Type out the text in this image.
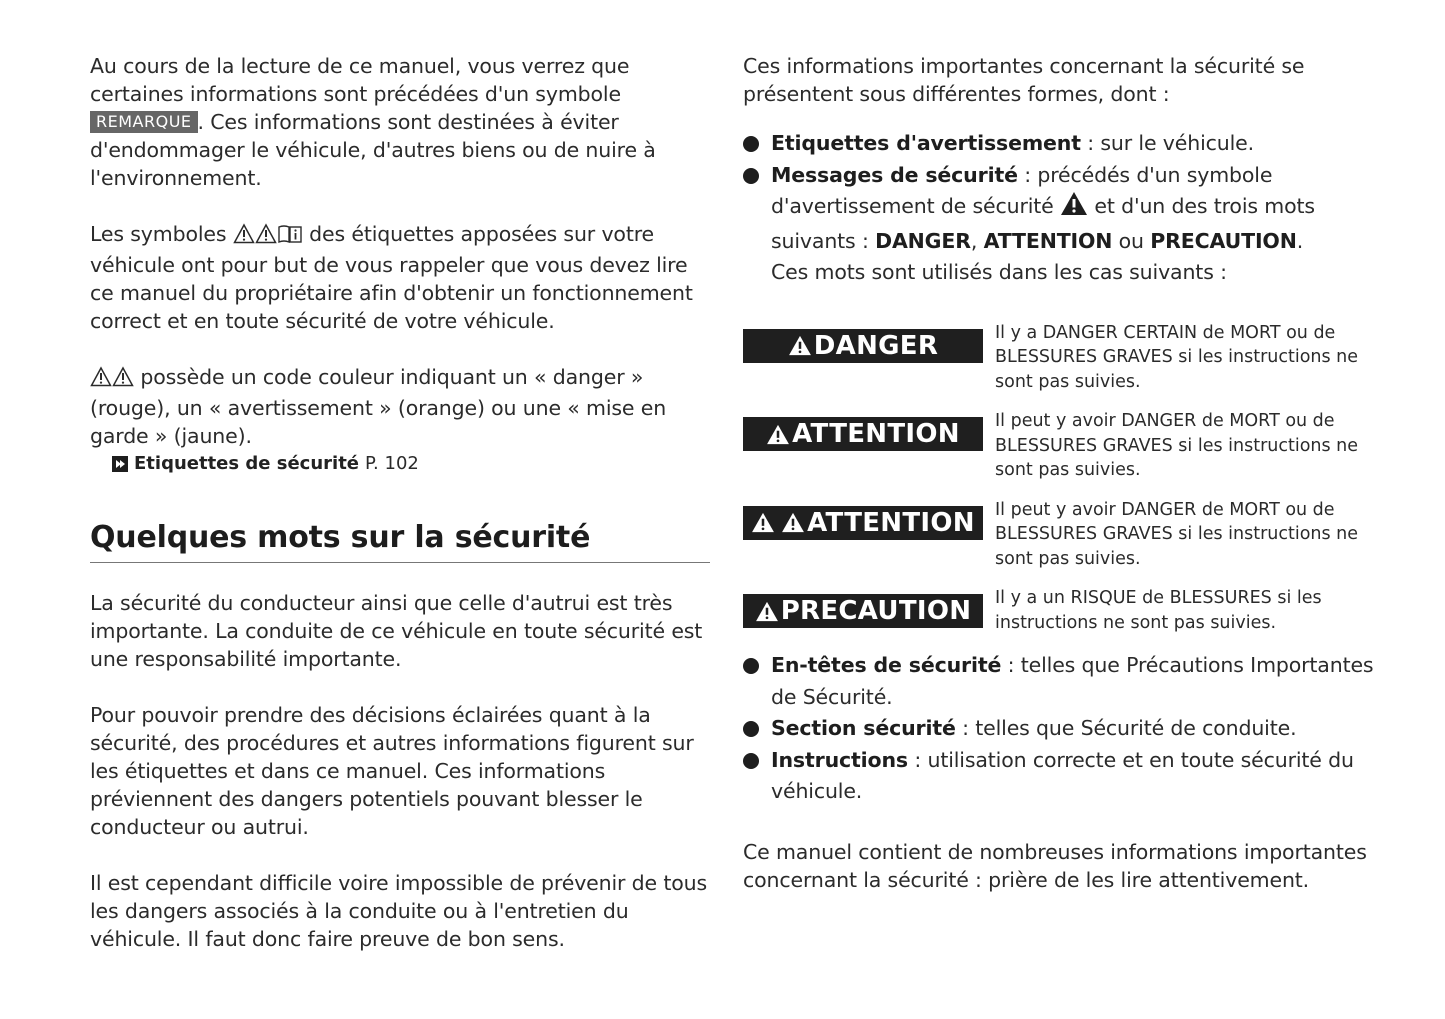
Au cours de la lecture de ce manuel, vous verrez que certaines informations sont précédées d'un symbole REMARQUE . Ces informations sont destinées à éviter d'endommager le véhicule, d'autres biens ou de nuire à l'environnement.

Les symboles	des étiquettes apposées sur votre véhicule ont pour but de vous rappeler que vous devez lire ce manuel du propriétaire afin d'obtenir un fonctionnement correct et en toute sécurité de votre véhicule.

possède un code couleur indiquant un « danger » (rouge), un « avertissement » (orange) ou une « mise en garde » (jaune).

Etiquettes de sécurité P. 102
Quelques mots sur la sécurité

La sécurité du conducteur ainsi que celle d'autrui est très importante. La conduite de ce véhicule en toute sécurité est une responsabilité importante.

Pour pouvoir prendre des décisions éclairées quant à la sécurité, des procédures et autres informations figurent sur les étiquettes et dans ce manuel. Ces informations préviennent des dangers potentiels pouvant blesser le conducteur ou autrui.

Il est cependant difficile voire impossible de prévenir de tous les dangers associés à la conduite ou à l'entretien du véhicule. Il faut donc faire preuve de bon sens.

Ces informations importantes concernant la sécurité se présentent sous différentes formes, dont :

Etiquettes d'avertissement : sur le véhicule.
Messages de sécurité : précédés d'un symbole d'avertissement de sécurité  et d'un des trois mots suivants : DANGER, ATTENTION ou PRECAUTION.
Ces mots sont utilisés dans les cas suivants :
DANGER	Il y a DANGER CERTAIN de MORT ou de BLESSURES GRAVES si les instructions ne sont pas suivies.
ATTENTION Il peut y avoir DANGER de MORT ou de BLESSURES GRAVES si les instructions ne sont pas suivies.
ATTENTION Il peut y avoir DANGER de MORT ou de BLESSURES GRAVES si les instructions ne sont pas suivies.
PRECAUTION Il y a un RISQUE de BLESSURES si les instructions ne sont pas suivies.
En-têtes de sécurité : telles que Précautions Importantes de Sécurité.
Section sécurité : telles que Sécurité de conduite.
Instructions : utilisation correcte et en toute sécurité du véhicule.

Ce manuel contient de nombreuses informations importantes concernant la sécurité : prière de les lire attentivement.
